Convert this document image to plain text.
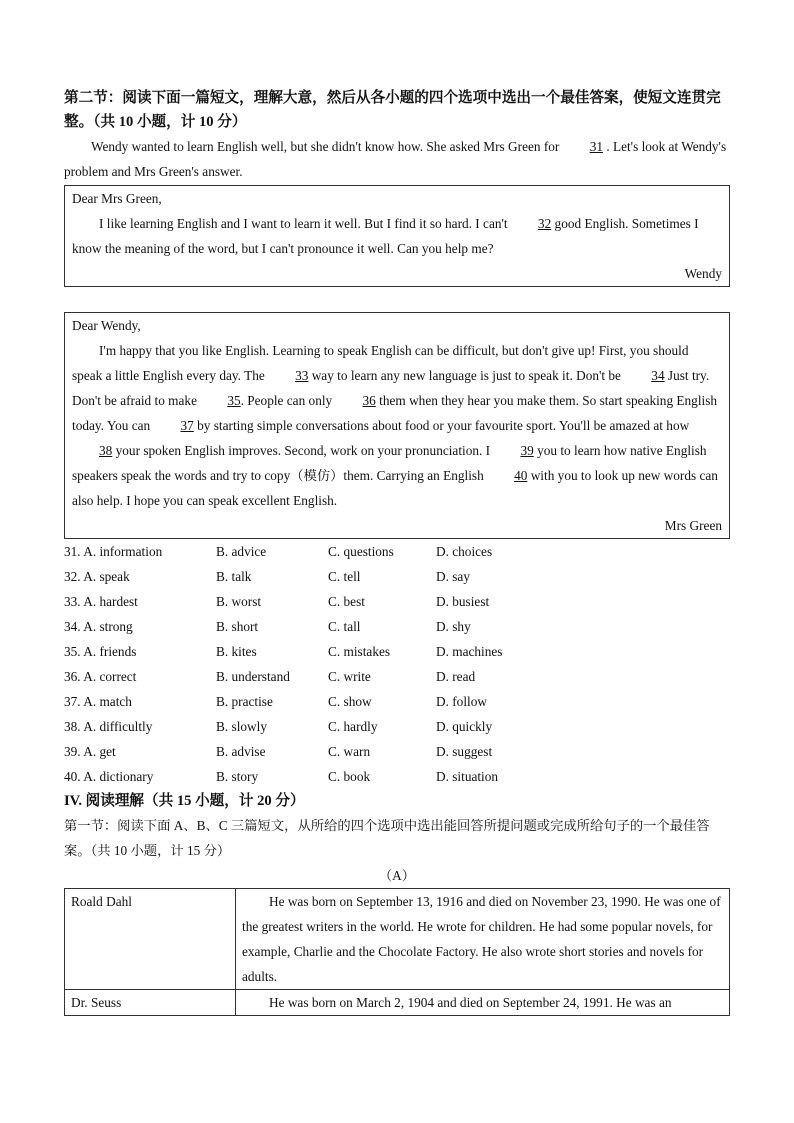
第二节：阅读下面一篇短文，理解大意，然后从各小题的四个选项中选出一个最佳答案，使短文连贯完整。（共 10 小题，计 10 分）

Wendy wanted to learn English well, but she didn't know how. She asked Mrs Green for 31 . Let's look at Wendy's problem and Mrs Green's answer.

Dear Mrs Green,

I like learning English and I want to learn it well. But I find it so hard. I can't 32 good English. Sometimes I know the meaning of the word, but I can't pronounce it well. Can you help me?

Wendy

Dear Wendy,

I'm happy that you like English. Learning to speak English can be difficult, but don't give up! First, you should speak a little English every day. The 33 way to learn any new language is just to speak it. Don't be 34 Just try. Don't be afraid to make 35. People can only 36 them when they hear you make them. So start speaking English today. You can 37 by starting simple conversations about food or your favourite sport. You'll be amazed at how 38 your spoken English improves. Second, work on your pronunciation. I 39 you to learn how native English speakers speak the words and try to copy（模仿）them. Carrying an English 40 with you to look up new words can also help. I hope you can speak excellent English.

Mrs Green

31. A. information	B. advice	C. questions	D. choices
32. A. speak	B. talk	C. tell	D. say
33. A. hardest	B. worst	C. best	D. busiest
34. A. strong	B. short	C. tall	D. shy
35. A. friends	B. kites	C. mistakes	D. machines
36. A. correct	B. understand	C. write	D. read
37. A. match	B. practise	C. show	D. follow
38. A. difficultly	B. slowly	C. hardly	D. quickly
39. A. get	B. advise	C. warn	D. suggest
40. A. dictionary	B. story	C. book	D. situation

IV. 阅读理解（共 15 小题，计 20 分）

第一节：阅读下面 A、B、C 三篇短文，从所给的四个选项中选出能回答所提问题或完成所给句子的一个最佳答案。（共 10 小题，计 15 分）

（A）

Roald Dahl	He was born on September 13, 1916 and died on November 23, 1990. He was one of the greatest writers in the world. He wrote for children. He had some popular novels, for example, Charlie and the Chocolate Factory. He also wrote short stories and novels for adults.
Dr. Seuss	He was born on March 2, 1904 and died on September 24, 1991. He was an
